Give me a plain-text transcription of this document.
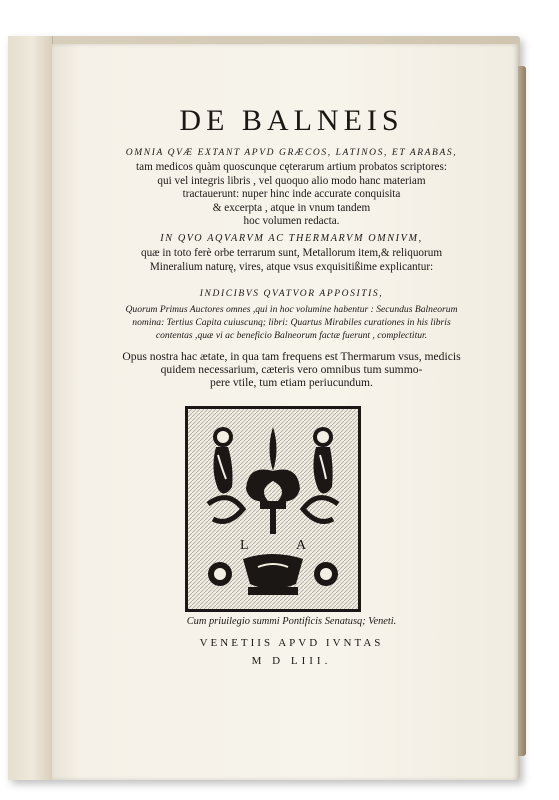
DE BALNEIS
OMNIA QVÆ EXTANT APVD GRÆCOS, LATINOS, ET ARABAS,
tam medicos quàm quoscunque cęterarum artium probatos scriptores:
qui vel integris libris , vel quoquo alio modo hanc materiam
tractauerunt: nuper hinc inde accurate conquisita
& excerpta , atque in vnum tandem
hoc volumen redacta.
IN QVO AQVARVM AC THERMARVM OMNIVM,
quæ in toto ferè orbe terrarum sunt, Metallorum item,& reliquorum
Mineralium naturę, vires, atque vsus exquisitißime explicantur:
INDICIBVS QVATVOR APPOSITIS,
Quorum Primus Auctores omnes ,qui in hoc volumine habentur : Secundus Balneorum
nomina: Tertius Capita cuiuscunq; libri: Quartus Mirabiles curationes in his libris
contentas ,quæ vi ac beneficio Balneorum factæ fuerunt , complectitur.
Opus nostra hac ætate, in qua tam frequens est Thermarum vsus, medicis
quidem necessarium, cæteris vero omnibus tum summo-
pere vtile, tum etiam periucundum.
L	A
Cum priuilegio summi Pontificis Senatusq; Veneti.
VENETIIS APVD IVNTAS
M D LIII.
